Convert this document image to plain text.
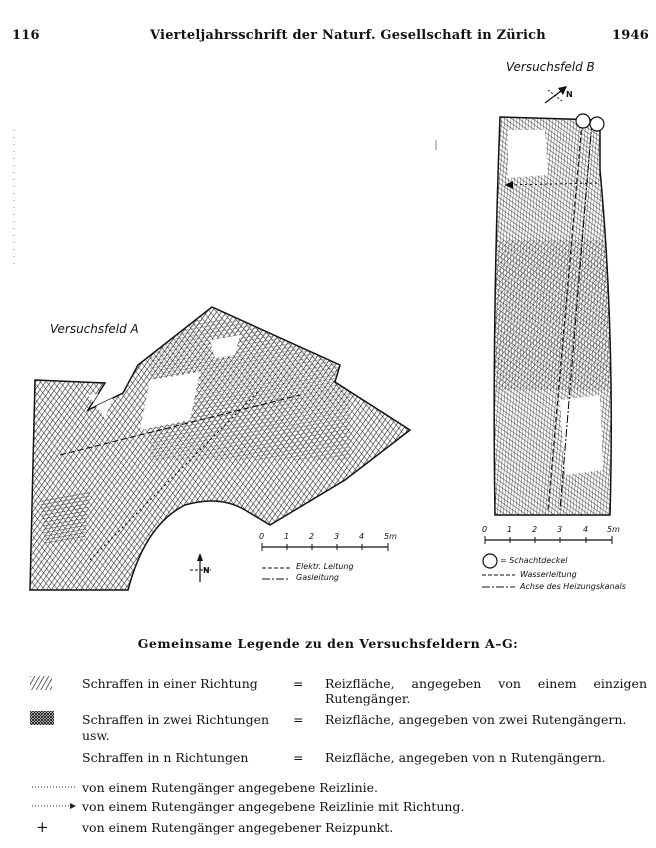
116	Vierteljahrsschrift der Naturf. Gesellschaft in Zürich	1946
Versuchsfeld A
Versuchsfeld B
0 1 2 3 4 5m
Elektr. Leitung
Gasleitung
N
0 1 2 3	4 5m
= Schachtdeckel
Wasserleitung
Achse des Heizungskanals
N
Gemeinsame Legende zu den Versuchsfeldern A–G:
Schraffen in einer Richtung	= Reizfläche, angegeben von einem einzigen Rutengänger.
Schraffen in zwei Richtungen = Reizfläche, angegeben von zwei Rutengängern.
usw.
Schraffen in n Richtungen	= Reizfläche, angegeben von n Rutengängern.
von einem Rutengänger angegebene Reizlinie.
von einem Rutengänger angegebene Reizlinie mit Richtung.
+	von einem Rutengänger angegebener Reizpunkt.
